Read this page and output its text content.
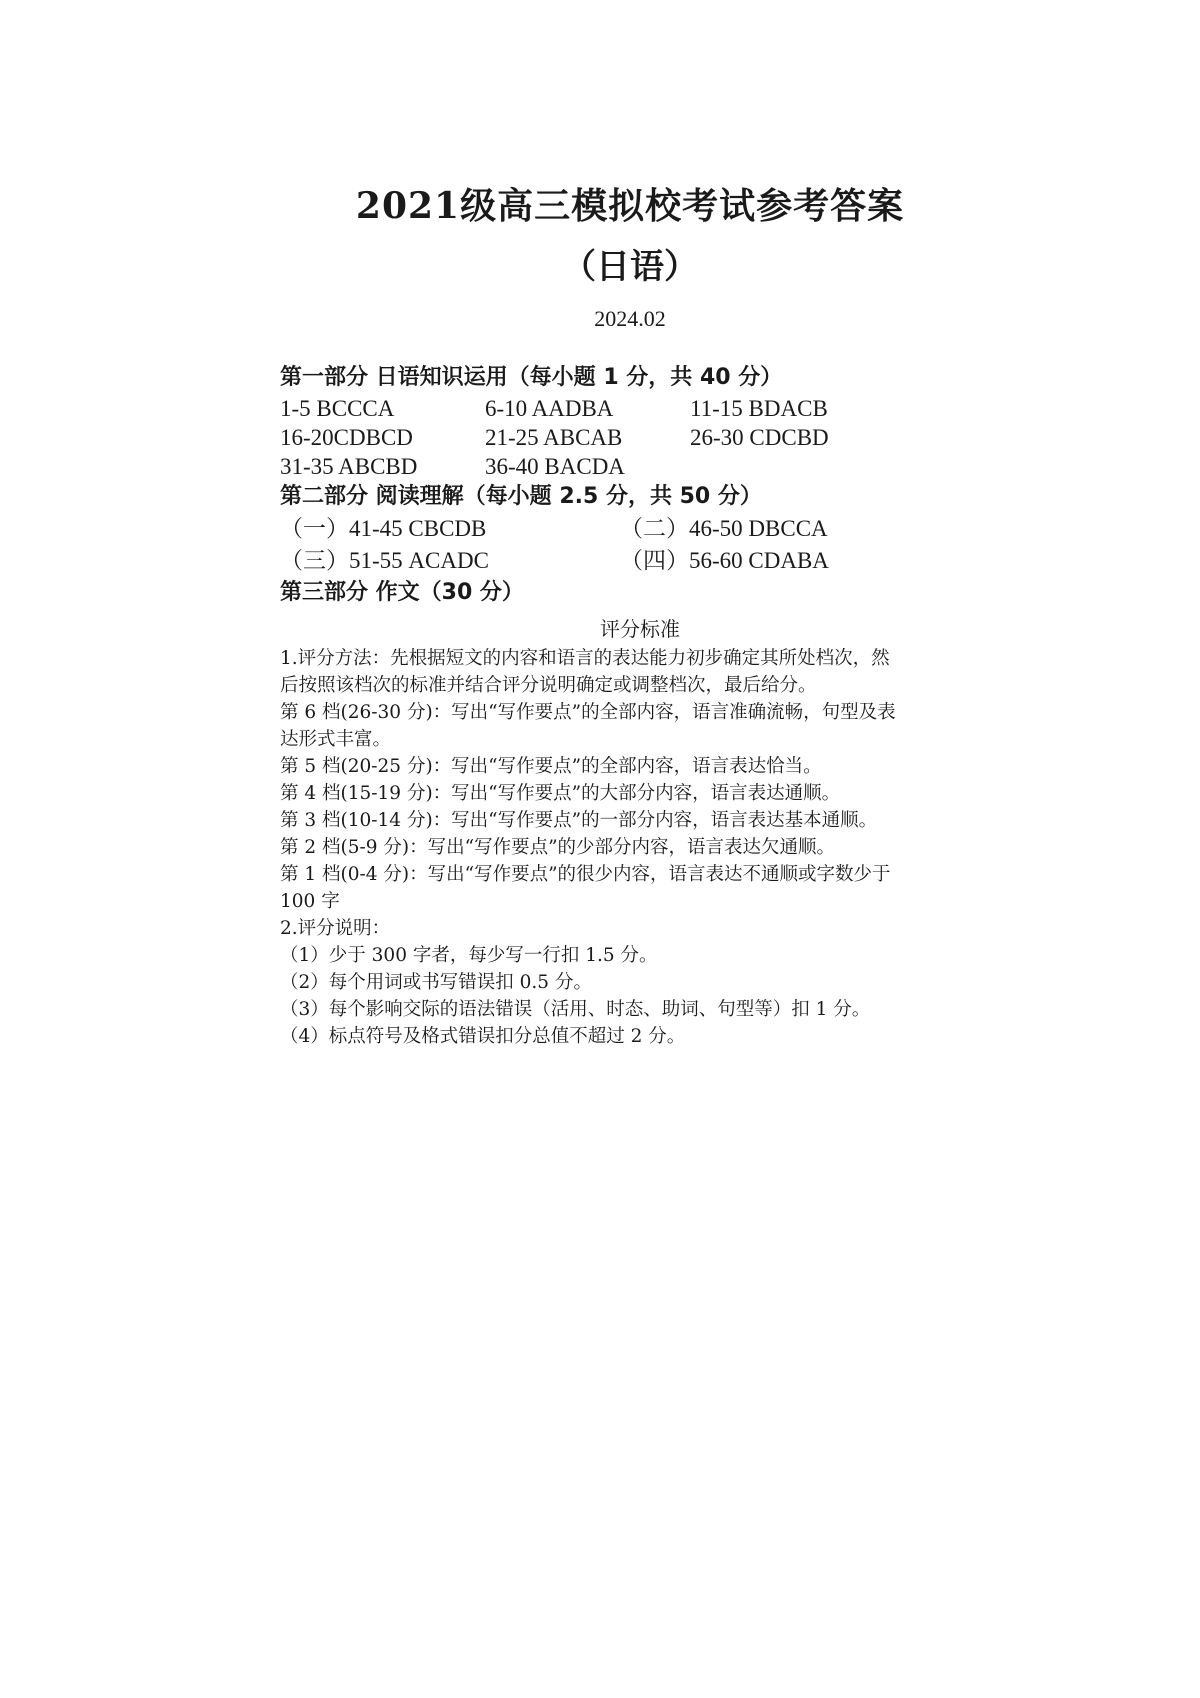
2021级高三模拟校考试参考答案
（日语）
2024.02
第一部分 日语知识运用（每小题 1 分，共 40 分）
1-5 BCCCA	6-10 AADBA	11-15 BDACB
16-20CDBCD	21-25 ABCAB	26-30 CDCBD
31-35 ABCBD	36-40 BACDA
第二部分 阅读理解（每小题 2.5 分，共 50 分）
（一）41-45 CBCDB	（二）46-50 DBCCA
（三）51-55 ACADC	（四）56-60 CDABA
第三部分 作文（30 分）
评分标准

1.评分方法：先根据短文的内容和语言的表达能力初步确定其所处档次，然后按照该档次的标准并结合评分说明确定或调整档次，最后给分。

第 6 档(26-30 分)：写出“写作要点”的全部内容，语言准确流畅，句型及表达形式丰富。

第 5 档(20-25 分)：写出“写作要点”的全部内容，语言表达恰当。

第 4 档(15-19 分)：写出“写作要点”的大部分内容，语言表达通顺。

第 3 档(10-14 分)：写出“写作要点”的一部分内容，语言表达基本通顺。

第 2 档(5-9 分)：写出“写作要点”的少部分内容，语言表达欠通顺。

第 1 档(0-4 分)：写出“写作要点”的很少内容，语言表达不通顺或字数少于 100 字

2.评分说明：

（1）少于 300 字者，每少写一行扣 1.5 分。

（2）每个用词或书写错误扣 0.5 分。

（3）每个影响交际的语法错误（活用、时态、助词、句型等）扣 1 分。

（4）标点符号及格式错误扣分总值不超过 2 分。
